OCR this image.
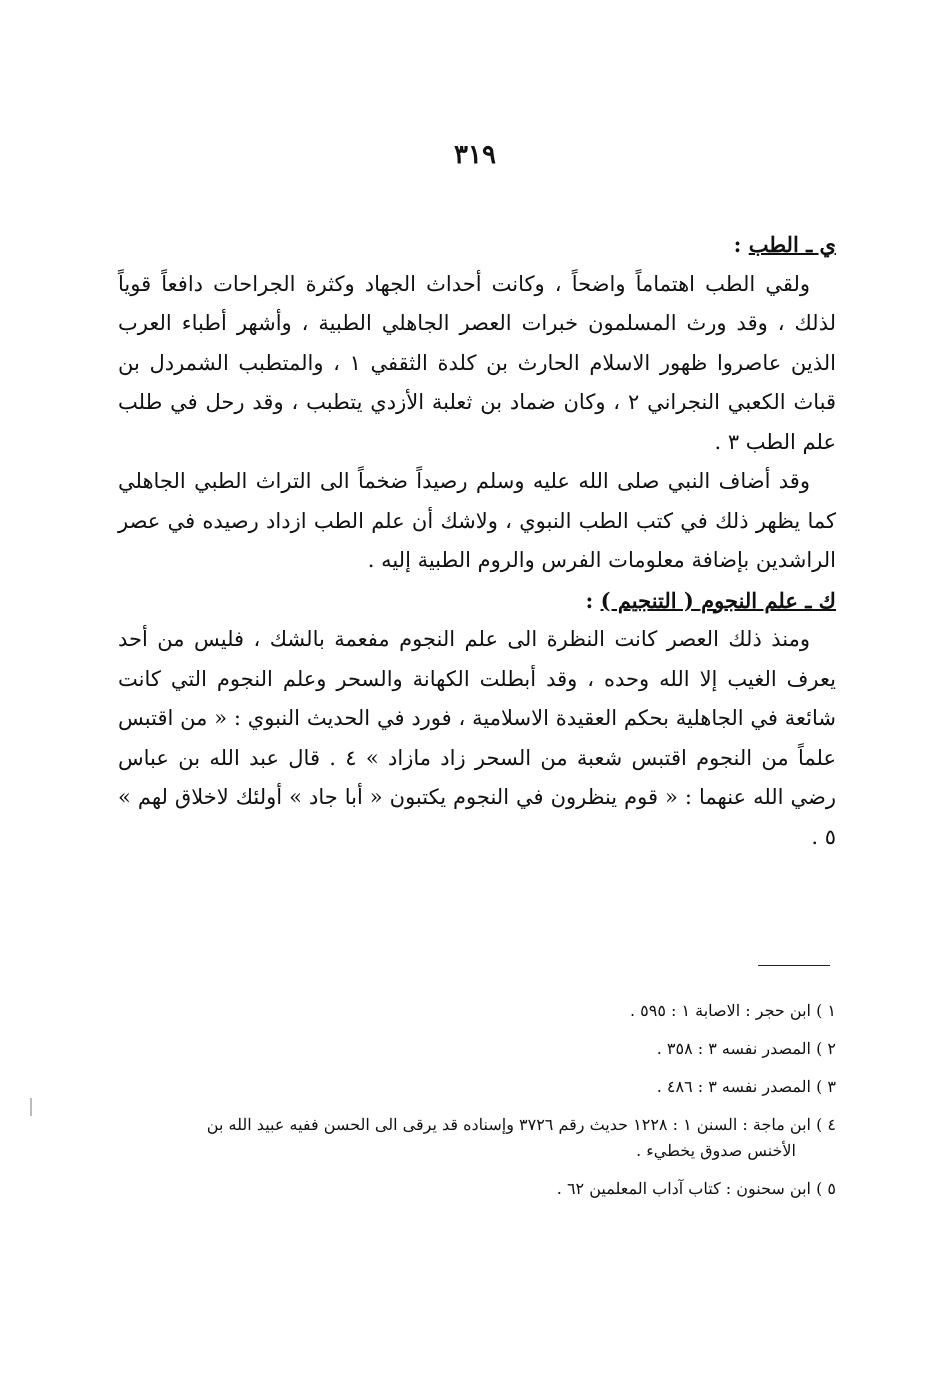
٣١٩

ي ـ الطب :

ولقي الطب اهتماماً واضحاً ، وكانت أحداث الجهاد وكثرة الجراحات دافعاً قوياً لذلك ، وقد ورث المسلمون خبرات العصر الجاهلي الطبية ، وأشهر أطباء العرب الذين عاصروا ظهور الاسلام الحارث بن كلدة الثقفي ١ ، والمتطبب الشمردل بن قباث الكعبي النجراني ٢ ، وكان ضماد بن ثعلبة الأزدي يتطبب ، وقد رحل في طلب علم الطب ٣ .

وقد أضاف النبي صلى الله عليه وسلم رصيداً ضخماً الى التراث الطبي الجاهلي كما يظهر ذلك في كتب الطب النبوي ، ولاشك أن علم الطب ازداد رصيده في عصر الراشدين بإضافة معلومات الفرس والروم الطبية إليه .

ك ـ علم النجوم ( التنجيم ) :

ومنذ ذلك العصر كانت النظرة الى علم النجوم مفعمة بالشك ، فليس من أحد يعرف الغيب إلا الله وحده ، وقد أبطلت الكهانة والسحر وعلم النجوم التي كانت شائعة في الجاهلية بحكم العقيدة الاسلامية ، فورد في الحديث النبوي : « من اقتبس علماً من النجوم اقتبس شعبة من السحر زاد مازاد » ٤ . قال عبد الله بن عباس رضي الله عنهما : « قوم ينظرون في النجوم يكتبون « أبا جاد » أولئك لاخلاق لهم » ٥ .

١ ) ابن حجر : الاصابة ١ : ٥٩٥ .

٢ ) المصدر نفسه ٣ : ٣٥٨ .

٣ ) المصدر نفسه ٣ : ٤٨٦ .

٤ ) ابن ماجة : السنن ١ : ١٢٢٨ حديث رقم ٣٧٢٦ وإسناده قد يرقى الى الحسن ففيه عبيد الله بن
الأخنس صدوق يخطيء .

٥ ) ابن سحنون : كتاب آداب المعلمين ٦٢ .
